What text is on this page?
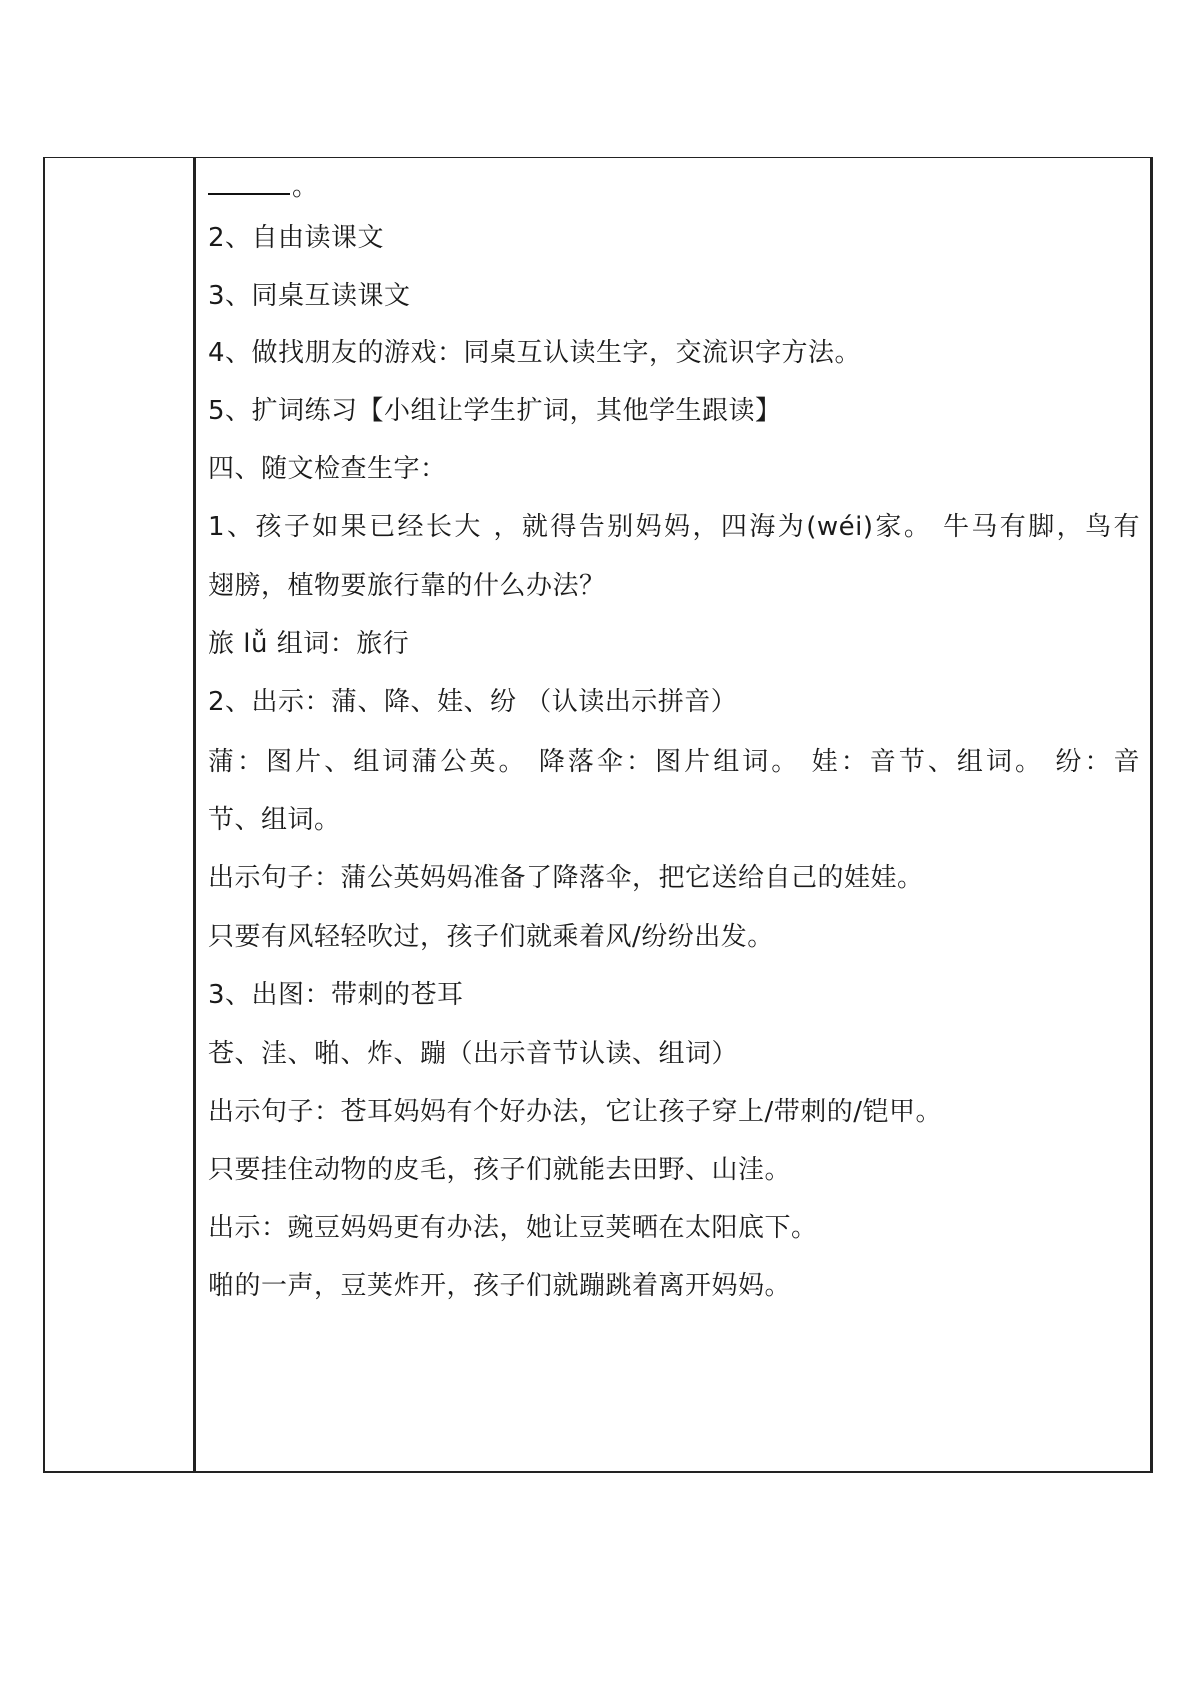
。
2、自由读课文
3、同桌互读课文
4、做找朋友的游戏：同桌互认读生字，交流识字方法。
5、扩词练习【小组让学生扩词，其他学生跟读】
四、随文检查生字：
1、孩子如果已经长大 ，就得告别妈妈，四海为(wéi)家。 牛马有脚，鸟有
翅膀，植物要旅行靠的什么办法？
旅 lǚ 组词：旅行
2、出示：蒲、降、娃、纷 （认读出示拼音）
蒲：图片、组词蒲公英。 降落伞：图片组词。 娃：音节、组词。 纷：音
节、组词。
出示句子：蒲公英妈妈准备了降落伞，把它送给自己的娃娃。
只要有风轻轻吹过，孩子们就乘着风/纷纷出发。
3、出图：带刺的苍耳
苍、洼、啪、炸、蹦（出示音节认读、组词）
出示句子：苍耳妈妈有个好办法，它让孩子穿上/带刺的/铠甲。
只要挂住动物的皮毛，孩子们就能去田野、山洼。
出示：豌豆妈妈更有办法，她让豆荚晒在太阳底下。
啪的一声，豆荚炸开，孩子们就蹦跳着离开妈妈。
